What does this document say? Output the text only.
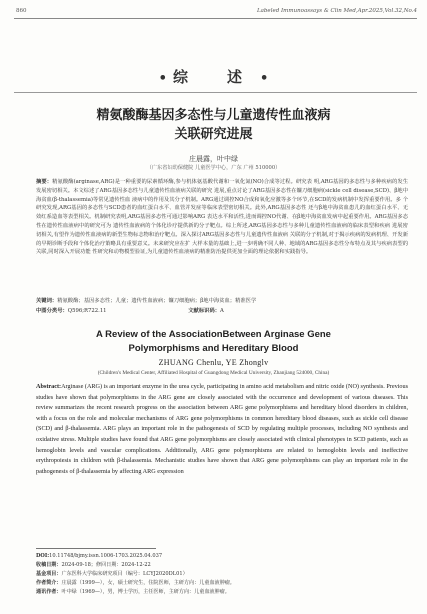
860	Labeled Immunoassays & Clin Med,Apr.2025,Vol.32,No.4
• 综　述 •
精氨酸酶基因多态性与儿童遗传性血液病
关联研究进展
庄晨露，叶中绿
（广东省妇幼保健院 儿童医学中心，广东 广州 510000）
摘要：精氨酸酶(arginase,ARG)是一种重要的尿素循环酶,参与机体氨基酸代谢和一氧化氮(NO)合成等过程。研究表 明,ARG基因的多态性与多种疾病的发生发展密切相关。本文综述了ARG基因多态性与儿童遗传性血液病关联的研究 进展,重点讨论了ARG基因多态性在镰刀细胞病(sickle cell disease,SCD)、β地中海贫血(β-thalassemia)等常见遗传性血 液病中的作用及其分子机制。ARG通过调控NO合成和氧化应激等多个环节,在SCD的发病机制中发挥重要作用。多 个研究发现,ARG基因的多态性与SCD患者的血红蛋白水平、血管并发症等临床表型密切相关。此外,ARG基因多态性 还与β地中海贫血患儿的血红蛋白水平、无效红系造血等表型相关。机制研究表明,ARG基因多态性可通过影响ARG 表达水平和活性,进而调控NO代谢、在β地中海贫血发病中起重要作用。ARG基因多态性在遗传性血液病中的研究可为 遗传性血液病的个体化诊疗提供新的分子靶点。综上所述,ARG基因多态性与多种儿童遗传性血液病的临床表型和疾病 进展密切相关,有望作为遗传性血液病的新型生物标志物和治疗靶点。深入探讨ARG基因多态性与儿童遗传性血液病 关联的分子机制,对于揭示疾病的发病机理、开发新的早期诊断手段和个体化治疗策略具有重要意义。未来研究应在扩 大样本量的基础上,进一步明确不同人种、地域的ARG基因多态性分布特点及其与疾病表型的关联,同时深入开展功能 性研究和动物模型验证,为儿童遗传性血液病的精准防治提供更加全面的理论依据和实践指导。
关键词：精氨酸酶；基因多态性；儿童；遗传性血液病；镰刀细胞病；β地中海贫血；精准医学
中图分类号：Q596;R722.11	文献标识码：A
A Review of the AssociationBetween Arginase Gene
Polymorphisms and Hereditary Blood
ZHUANG Chenlu, YE Zhonglv
(Children's Medical Center, Affiliated Hospital of Guangdong Medical University, Zhanjiang 524000, China)
Abstract:Arginase (ARG) is an important enzyme in the urea cycle, participating in amino acid metabolism and nitric oxide (NO) synthesis. Previous studies have shown that polymorphisms in the ARG gene are closely associated with the occurrence and development of various diseases. This review summarizes the recent research progress on the association between ARG gene polymorphisms and hereditary blood disorders in children, with a focus on the role and molecular mechanisms of ARG gene polymorphisms in common hereditary blood diseases, such as sickle cell disease (SCD) and β-thalassemia. ARG plays an important role in the pathogenesis of SCD by regulating multiple processes, including NO synthesis and oxidative stress. Multiple studies have found that ARG gene polymorphisms are closely associated with clinical phenotypes in SCD patients, such as hemoglobin levels and vascular complications. Additionally, ARG gene polymorphisms are related to hemoglobin levels and ineffective erythropoiesis in children with β-thalassemia. Mechanistic studies have shown that ARG gene polymorphisms can play an important role in the pathogenesis of β-thalassemia by affecting ARG expression
DOI:10.11748/bjmy.issn.1006-1703.2025.04.037
收稿日期：2024-09-18；修回日期：2024-12-22
基金项目：广东医科大学临床研究项目（编号：LCYJ2020DL01）
作者简介：庄晨露（1999—），女，硕士研究生，住院医师，主研方向：儿童血液肿瘤。
通讯作者：叶中绿（1969—），男，博士学历，主任医师，主研方向：儿童血液肿瘤。
